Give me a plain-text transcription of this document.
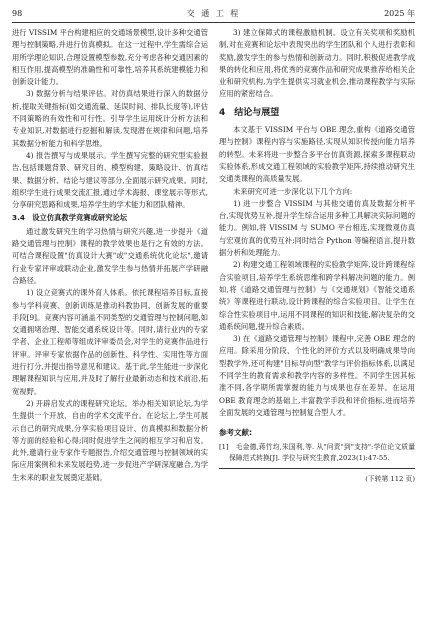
98	交 通 工 程	2025 年

进行 VISSIM 平台构建相应的交通场景模型,设计多种交通管理与控制策略,并进行仿真模拟。在这一过程中,学生需综合运用所学理论知识,合理设置模型参数,充分考虑各种交通因素的相互作用,提高模型的准确性和可靠性,培养其系统建模能力和创新设计能力。

3) 数据分析与结果评估。对仿真结果进行深入的数据分析,提取关键指标(如交通流量、延误时间、排队长度等),评估不同策略的有效性和可行性。引导学生运用统计分析方法和专业知识,对数据进行挖掘和解读,发现潜在规律和问题,培养其数据分析能力和科学思维。

4) 报告撰写与成果展示。学生撰写完整的研究型实验报告,包括课题背景、研究目的、模型构建、策略设计、仿真结果、数据分析、结论与建议等部分,全面展示研究成果。同时,组织学生进行成果交流汇报,通过学术海报、课堂展示等形式,分享研究思路和成果,培养学生的学术能力和团队精神。

3.4　设立仿真教学竞赛或研究论坛

通过激发研究生的学习热情与研究兴趣,进一步提升《道路交通管理与控制》课程的教学效果也是行之有效的方法。可结合课程设置"仿真设计大赛"或"交通系统优化论坛",邀请行业专家评审或联动企业,激发学生参与热情并拓展产学研融合路径。

1) 设立竞赛式的课外育人体系。依托课程培养目标,直接参与学科竞赛、创新训练是推动科教协同、创新发展的重要手段[9]。竞赛内容可涵盖不同类型的交通管理与控制问题,如交通拥堵治理、智能交通系统设计等。同时,请行业内的专家学者、企业工程师等组成评审委员会,对学生的竞赛作品进行评审。评审专家依据作品的创新性、科学性、实用性等方面进行打分,并提出指导意见和建议。基于此,学生能进一步深化理解课程知识与应用,并及时了解行业最新动态和技术前沿,拓宽视野。

2) 开辟启发式的课程研究论坛。举办相关知识论坛,为学生提供一个开放、自由的学术交流平台。在论坛上,学生可展示自己的研究成果,分享实验项目设计、仿真模拟和数据分析等方面的经验和心得;同时促进学生之间的相互学习和启发。此外,邀请行业专家作专题报告,介绍交通管理与控制领域的实际应用案例和未来发展趋势,进一步促进产学研深度融合,为学生未来的职业发展奠定基础。

3) 建立保障式的课程激励机制。设立有关奖项和奖励机制,对在竞赛和论坛中表现突出的学生团队和个人进行表彰和奖励,激发学生的参与热情和创新动力。同时,积极促进教学成果的转化和应用,将优秀的竞赛作品和研究成果推荐给相关企业和研究机构,为学生提供实习就业机会,推动课程教学与实际应用的紧密结合。

4　结论与展望

本文基于 VISSIM 平台与 OBE 理念,重构《道路交通管理与控制》课程内容与实施路径,实现从知识传授向能力培养的转型。未来将进一步整合多平台仿真资源,探索多课程联动实验体系,形成交通工程领域的实验教学矩阵,持续推动研究生交通类课程的高质量发展。

未来研究可进一步深化以下几个方向:

1) 进一步整合 VISSIM 与其他交通仿真及数据分析平台,实现优势互补,提升学生综合运用多种工具解决实际问题的能力。例如,将 VISSIM 与 SUMO 平台相连,实现微观仿真与宏观仿真的优势互补;同时结合 Python 等编程语言,提升数据分析和处理能力。

2) 构建交通工程领域课程的实验教学矩阵,设计跨课程综合实验项目,培养学生系统思维和跨学科解决问题的能力。例如,将《道路交通管理与控制》与《交通规划》《智能交通系统》等课程进行联动,设计跨课程的综合实验项目。让学生在综合性实验项目中,运用不同课程的知识和技能,解决复杂的交通系统问题,提升综合素质。

3) 在《道路交通管理与控制》课程中,完善 OBE 理念的应用。除采用分阶段、个性化的评价方式以及明确成果导向型教学外,还可构建"目标导向型"教学与评价指标体系,以满足不同学生的教育需求和教学内容的多样性。不同学生因其标准不同,各学期所需掌握的能力与成果也存在差异。在运用 OBE 教育理念的基础上,丰富教学手段和评价指标,进而培养全面发展的交通管理与控制复合型人才。

参考文献:

[1]　毛金德,蒋竹均,朱国利,等. 从"问责"到"支持":学位论文质量保障范式转换[J]. 学位与研究生教育,2023(1):47-55.

(下转第 112 页)
